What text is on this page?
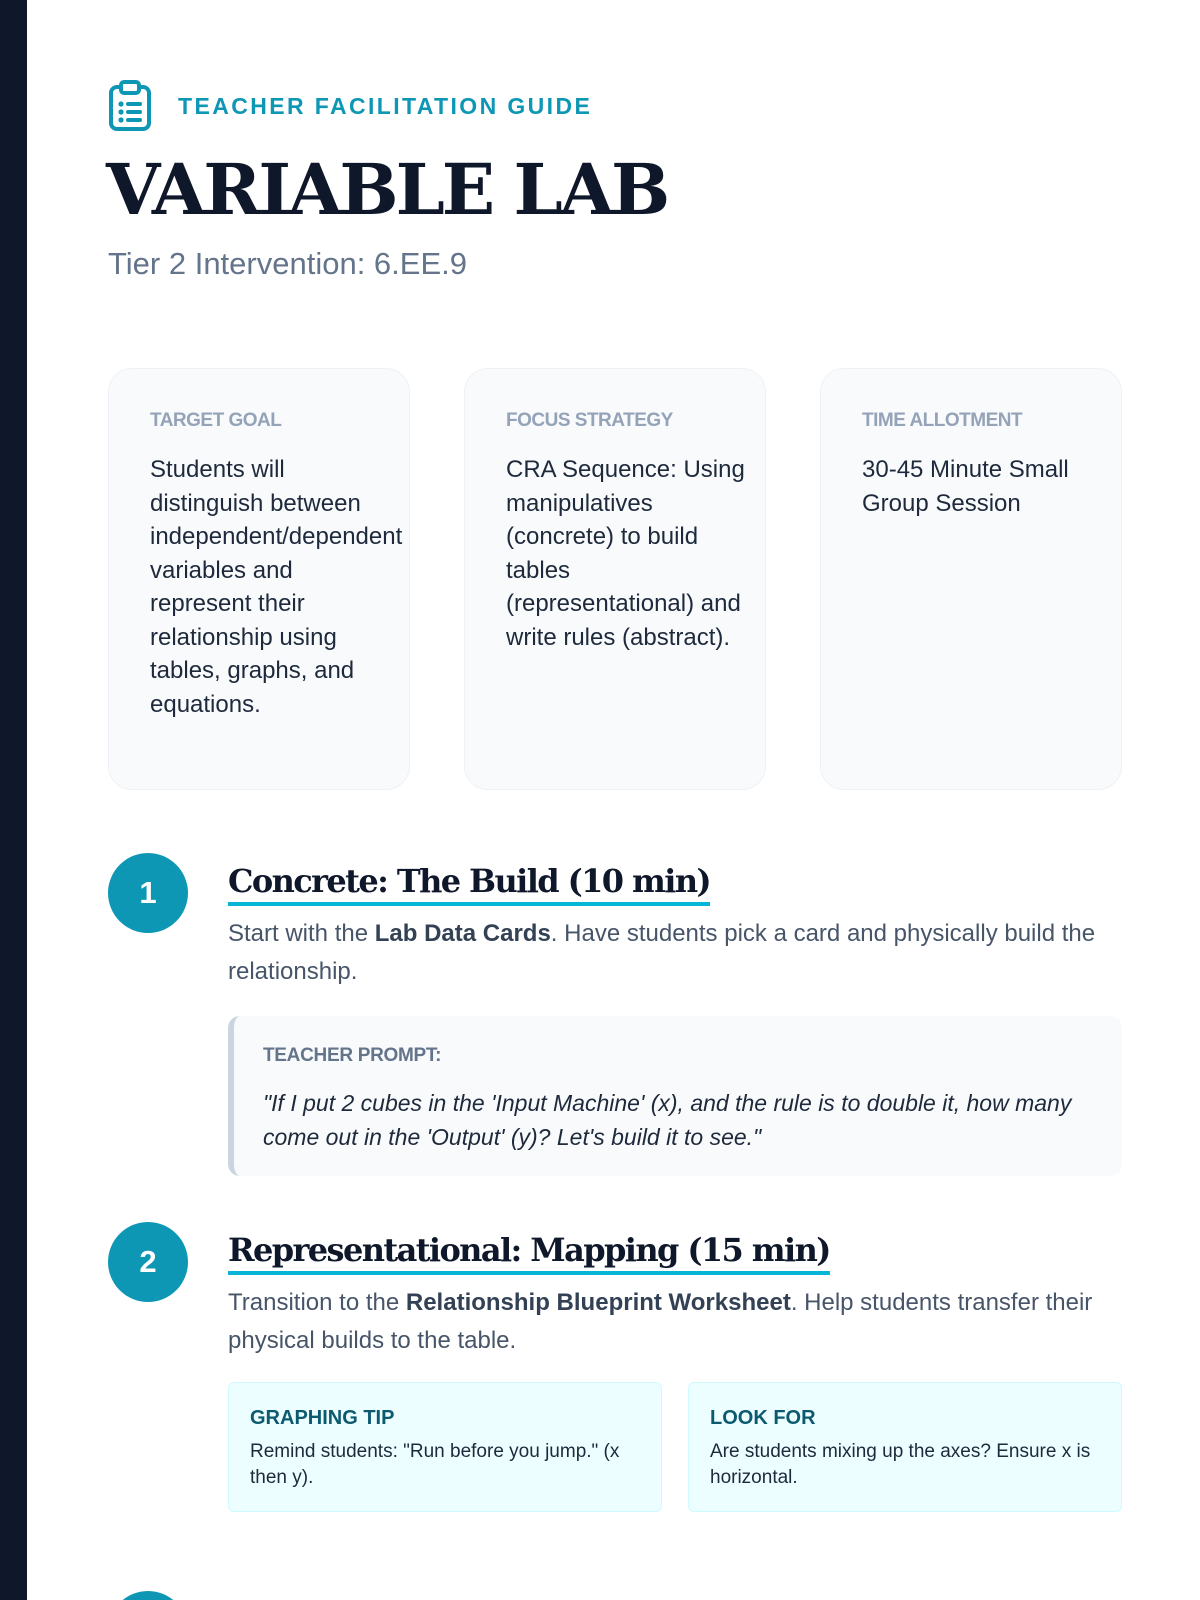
TEACHER FACILITATION GUIDE
VARIABLE LAB
Tier 2 Intervention: 6.EE.9
TARGET GOAL
Students will distinguish between independent/dependent variables and represent their relationship using tables, graphs, and equations.
FOCUS STRATEGY
CRA Sequence: Using manipulatives (concrete) to build tables (representational) and write rules (abstract).
TIME ALLOTMENT
30-45 Minute Small Group Session
1	Concrete: The Build (10 min)

Start with the Lab Data Cards. Have students pick a card and physically build the relationship.

TEACHER PROMPT:
"If I put 2 cubes in the 'Input Machine' (x), and the rule is to double it, how many come out in the 'Output' (y)? Let's build it to see."
2	Representational: Mapping (15 min)

Transition to the Relationship Blueprint Worksheet. Help students transfer their physical builds to the table.

GRAPHING TIP
Remind students: "Run before you jump." (x then y).
LOOK FOR
Are students mixing up the axes? Ensure x is horizontal.
